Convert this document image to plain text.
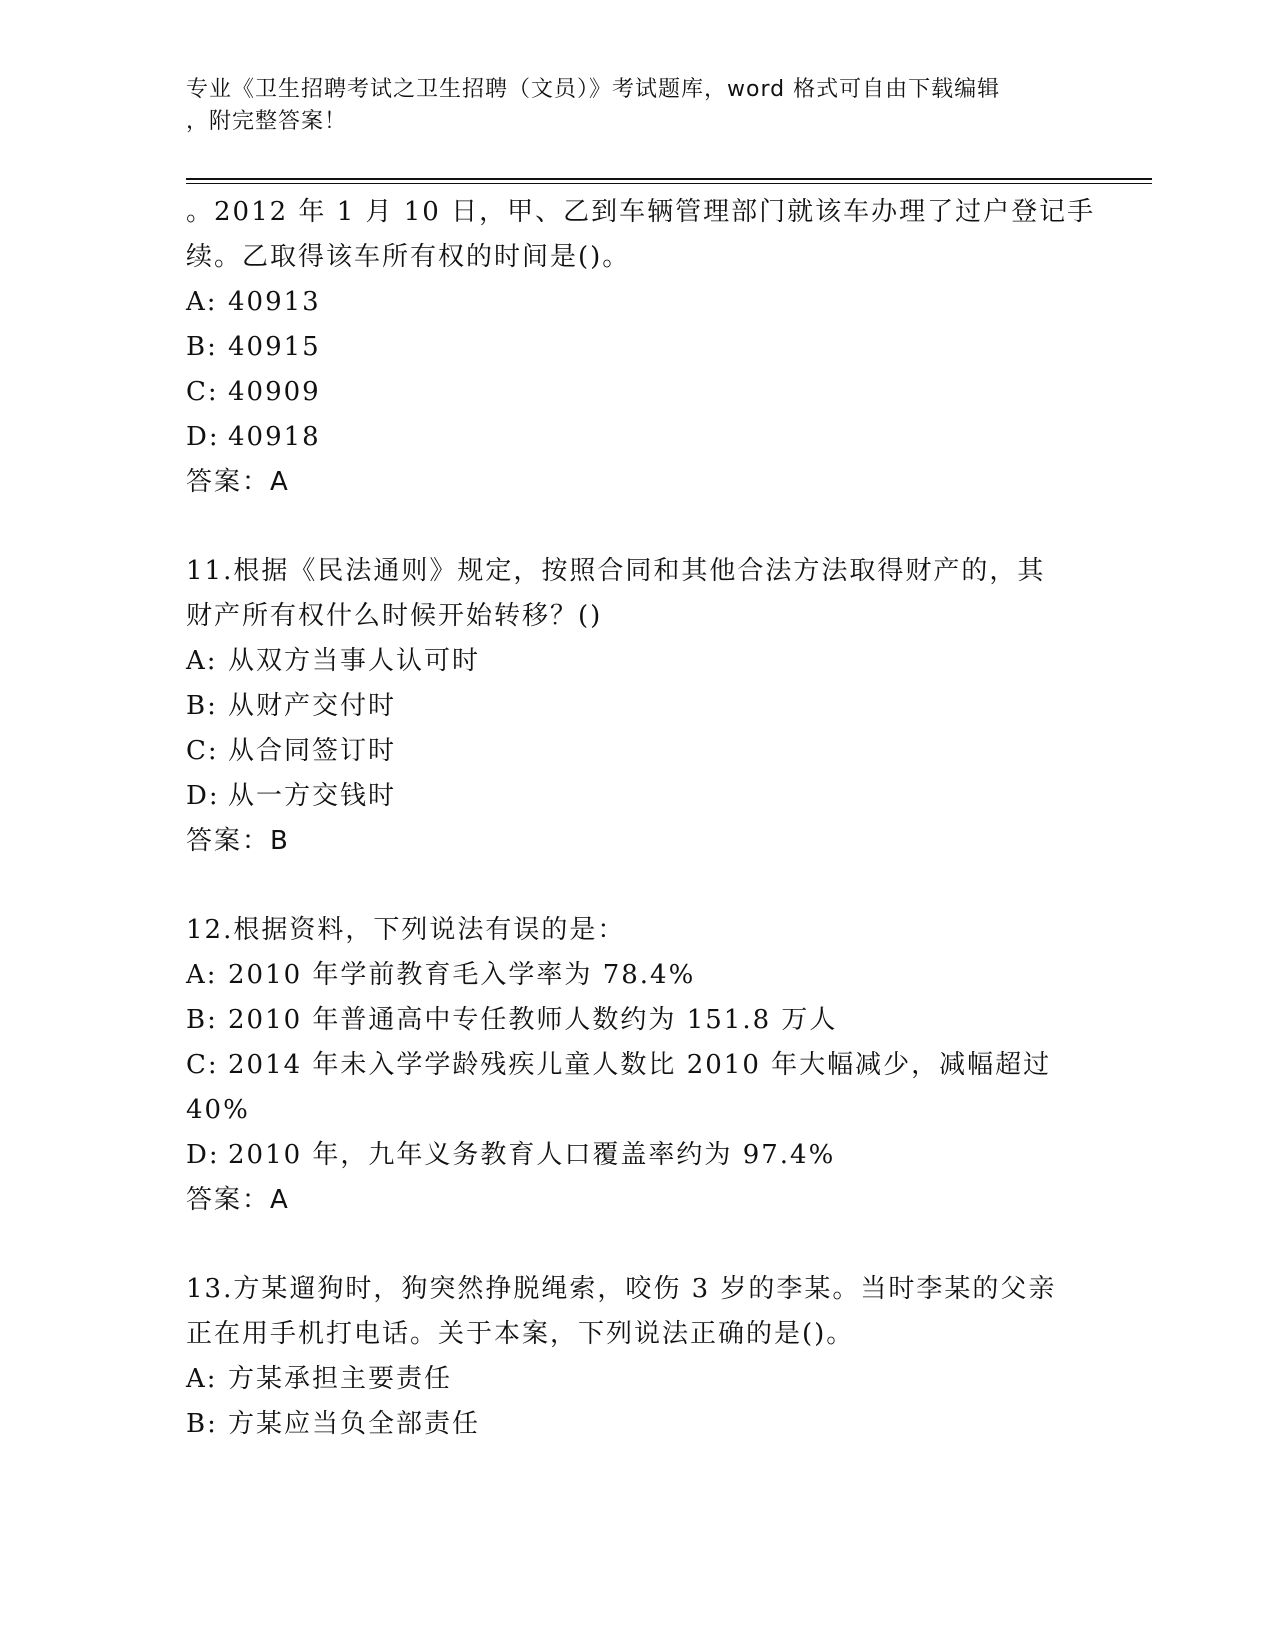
专业《卫生招聘考试之卫生招聘（文员）》考试题库，word 格式可自由下载编辑
，附完整答案！
。2012 年 1 月 10 日，甲、乙到车辆管理部门就该车办理了过户登记手
续。乙取得该车所有权的时间是()。
A: 40913
B: 40915
C: 40909
D: 40918
答案：A
11.根据《民法通则》规定，按照合同和其他合法方法取得财产的，其
财产所有权什么时候开始转移？()
A: 从双方当事人认可时
B: 从财产交付时
C: 从合同签订时
D: 从一方交钱时
答案：B
12.根据资料，下列说法有误的是：
A: 2010 年学前教育毛入学率为 78.4%
B: 2010 年普通高中专任教师人数约为 151.8 万人
C: 2014 年未入学学龄残疾儿童人数比 2010 年大幅减少，减幅超过
40%
D: 2010 年，九年义务教育人口覆盖率约为 97.4%
答案：A
13.方某遛狗时，狗突然挣脱绳索，咬伤 3 岁的李某。当时李某的父亲
正在用手机打电话。关于本案，下列说法正确的是()。
A: 方某承担主要责任
B: 方某应当负全部责任
